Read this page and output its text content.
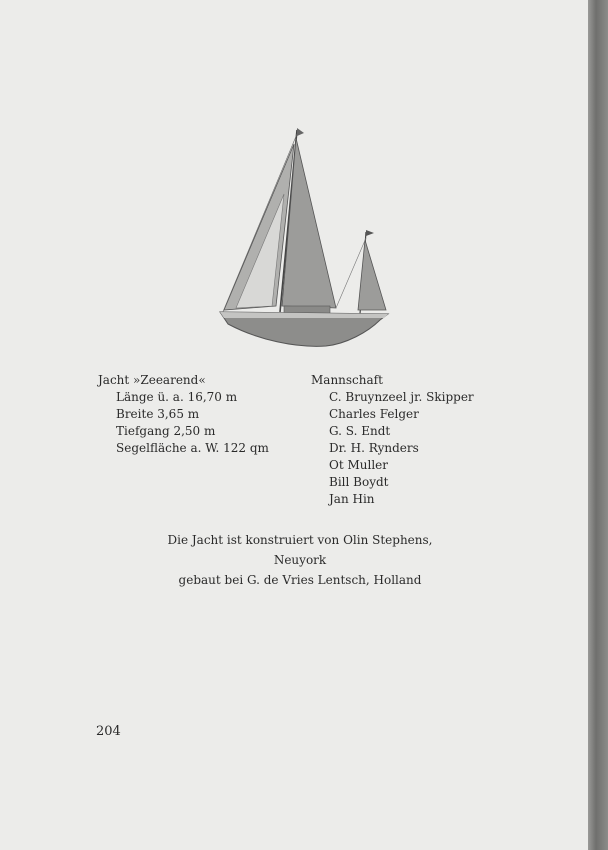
Jacht »Zeearend«
Länge ü. a. 16,70 m
Breite 3,65 m
Tiefgang 2,50 m
Segelfläche a. W. 122 qm
Mannschaft
C. Bruynzeel jr. Skipper
Charles Felger
G. S. Endt
Dr. H. Rynders
Ot Muller
Bill Boydt
Jan Hin
Die Jacht ist konstruiert von Olin Stephens, Neuyork
gebaut bei G. de Vries Lentsch, Holland
204
